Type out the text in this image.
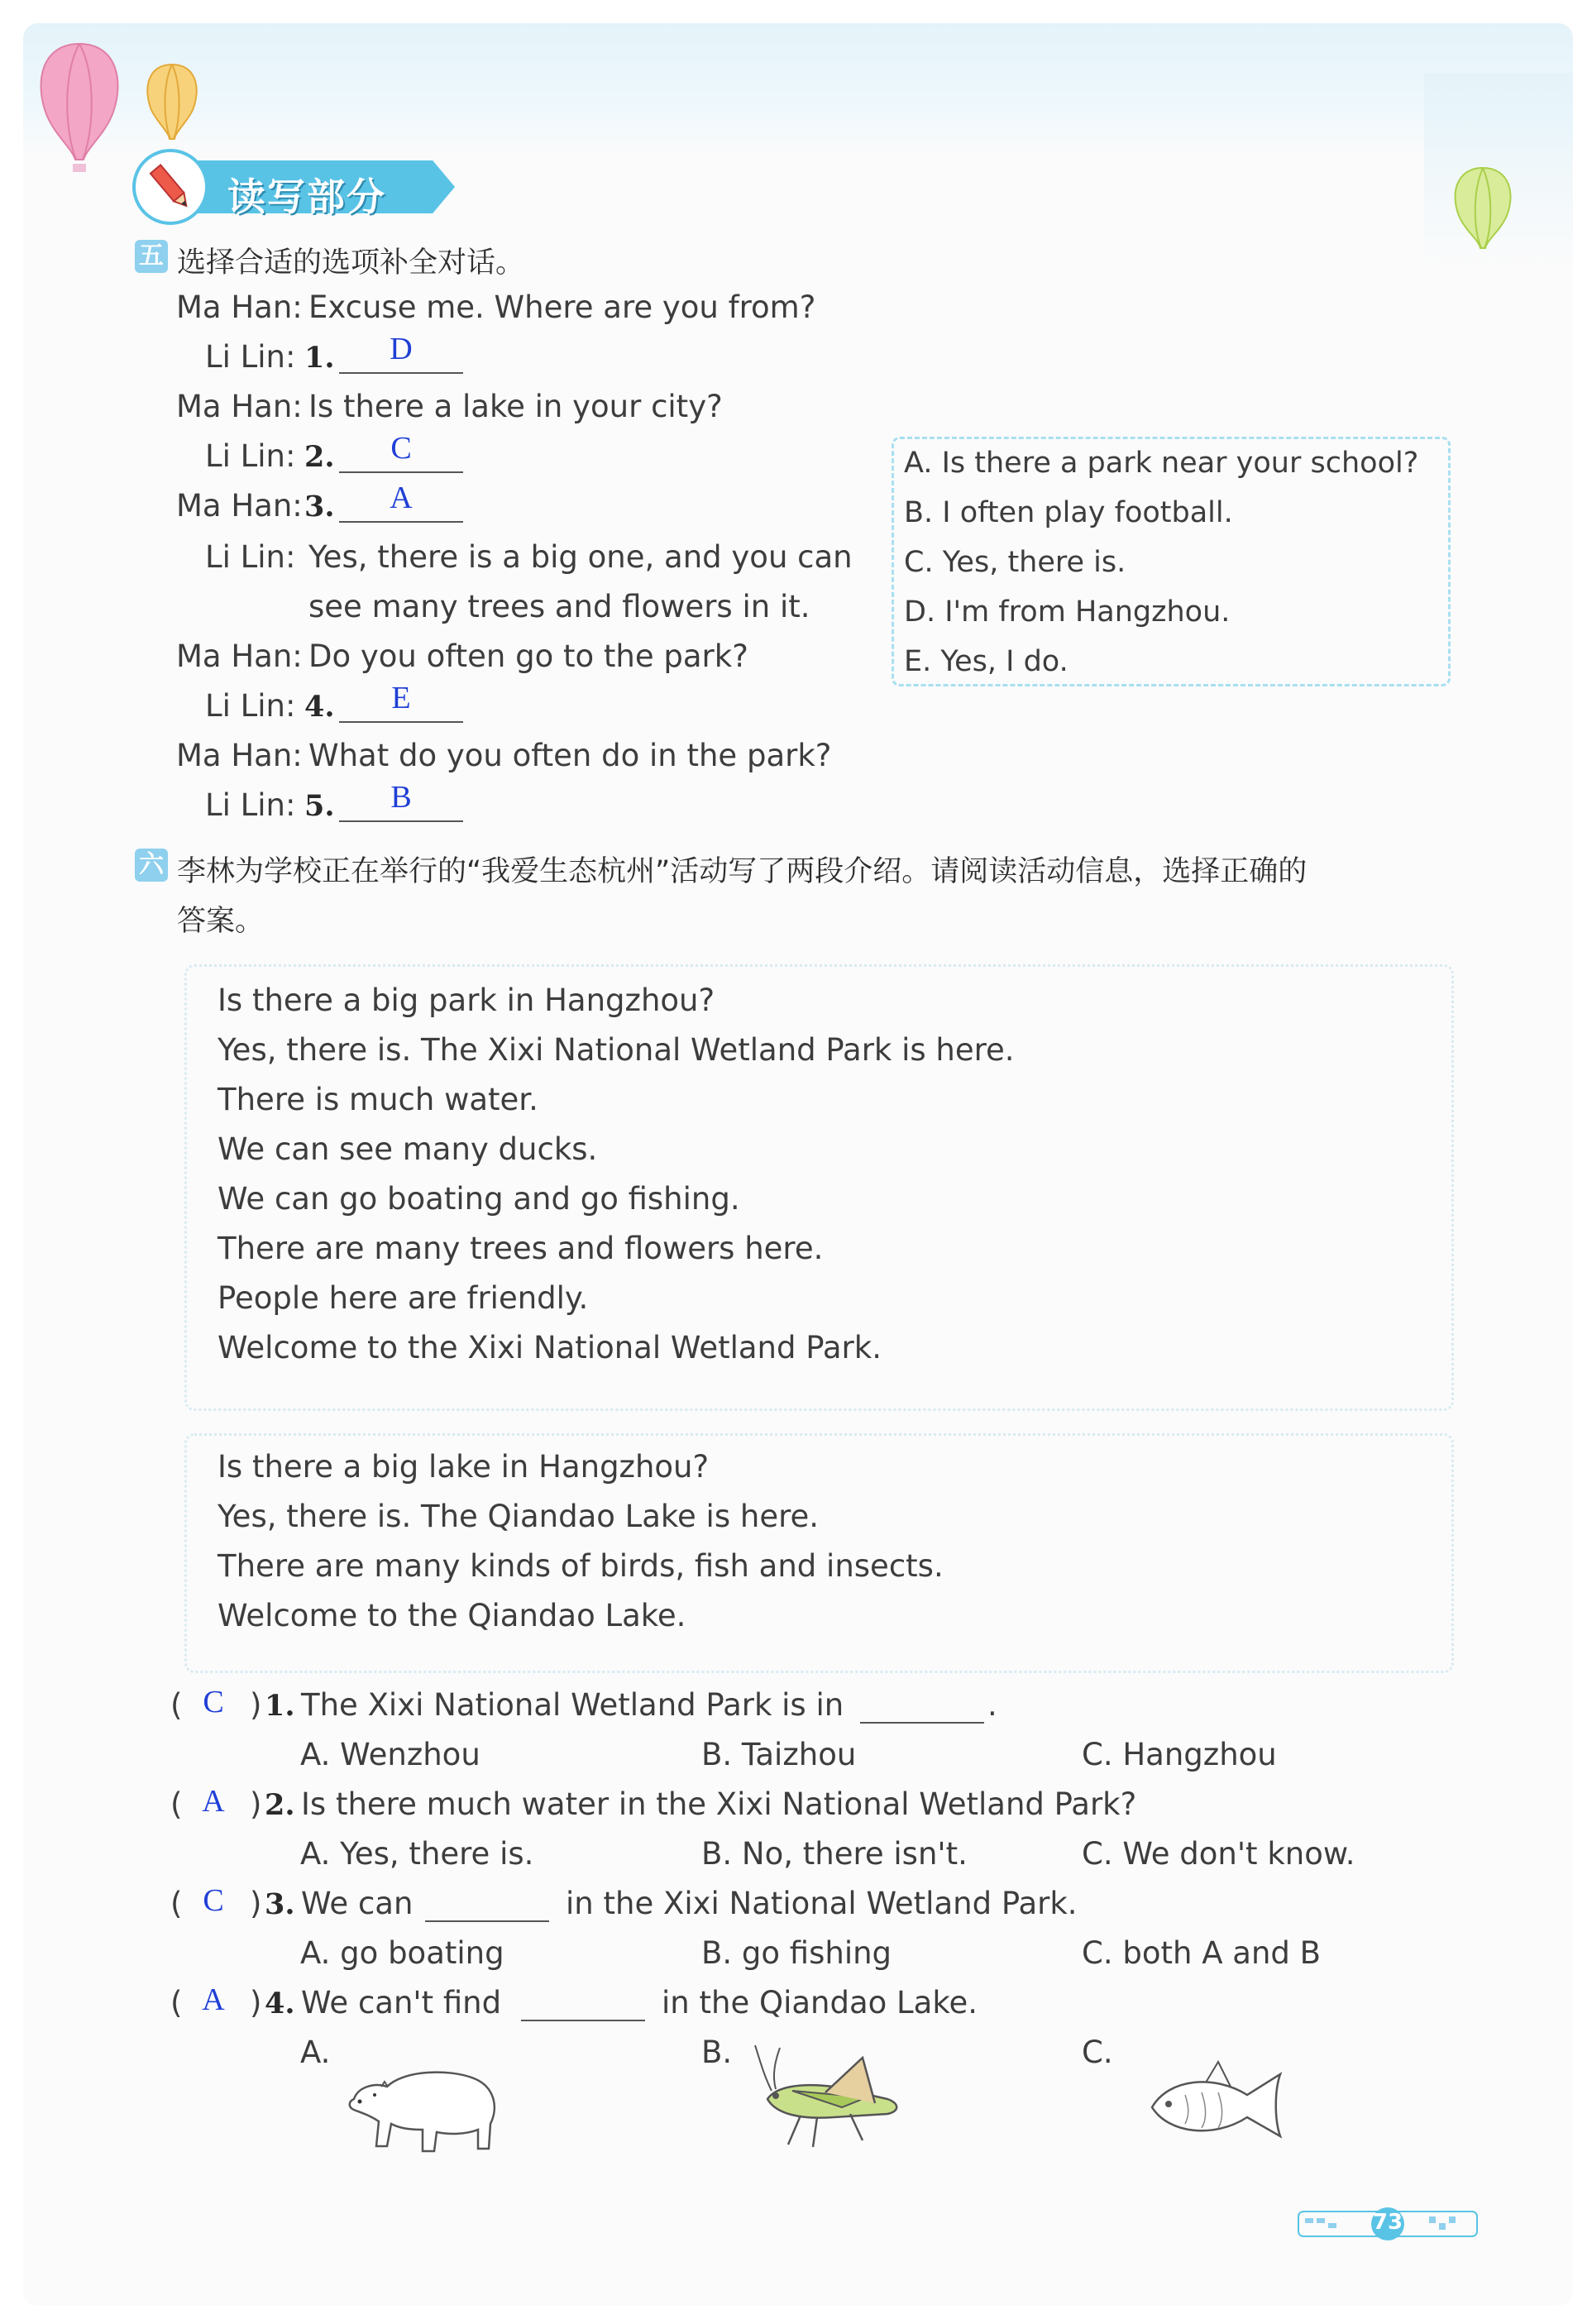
读写部分
五 选择合适的选项补全对话。
Ma Han: Excuse me. Where are you from?
Li Lin: 1.	D
Ma Han: Is there a lake in your city?
Li Lin: 2.	C
Ma Han: 3.	A
Li Lin: Yes, there is a big one, and you can
see many trees and flowers in it.
Ma Han: Do you often go to the park?
Li Lin: 4.	E
Ma Han: What do you often do in the park?
Li Lin: 5.	B
A. Is there a park near your school?
B. I often play football.
C. Yes, there is.
D. I'm from Hangzhou.
E. Yes, I do.
六 李林为学校正在举行的“我爱生态杭州”活动写了两段介绍。请阅读活动信息，选择正确的
答案。
Is there a big park in Hangzhou?
Yes, there is. The Xixi National Wetland Park is here.
There is much water.
We can see many ducks.
We can go boating and go fishing.
There are many trees and flowers here.
People here are friendly.
Welcome to the Xixi National Wetland Park.
Is there a big lake in Hangzhou?
Yes, there is. The Qiandao Lake is here.
There are many kinds of birds, fish and insects.
Welcome to the Qiandao Lake.
( C ) 1. The Xixi National Wetland Park is in	.
A. Wenzhou	B. Taizhou	C. Hangzhou
( A ) 2. Is there much water in the Xixi National Wetland Park?
A. Yes, there is.	B. No, there isn't.	C. We don't know.
( C ) 3. We can	in the Xixi National Wetland Park.
A. go boating	B. go fishing	C. both A and B
( A ) 4. We can't find	in the Qiandao Lake.
A.	B.	C.
73
